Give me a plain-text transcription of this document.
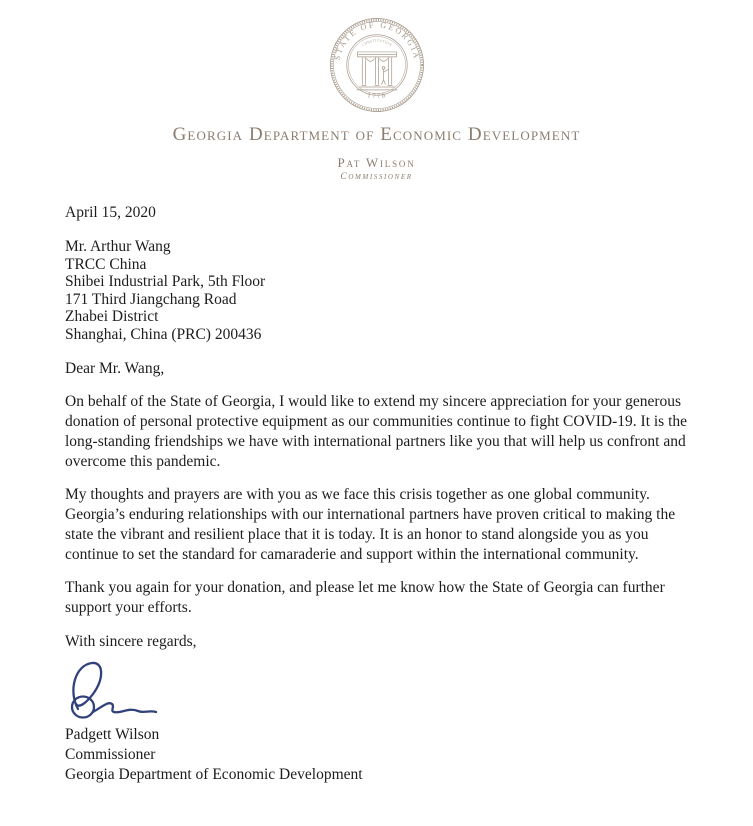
STATE OF GEORGIA
1776
CONSTITUTION
Georgia Department of Economic Development
Pat Wilson
Commissioner
April 15, 2020
Mr. Arthur Wang
TRCC China
Shibei Industrial Park, 5th Floor
171 Third Jiangchang Road
Zhabei District
Shanghai, China (PRC) 200436
Dear Mr. Wang,
On behalf of the State of Georgia, I would like to extend my sincere appreciation for your generous donation of personal protective equipment as our communities continue to fight COVID-19. It is the long-standing friendships we have with international partners like you that will help us confront and overcome this pandemic.
My thoughts and prayers are with you as we face this crisis together as one global community. Georgia’s enduring relationships with our international partners have proven critical to making the state the vibrant and resilient place that it is today. It is an honor to stand alongside you as you continue to set the standard for camaraderie and support within the international community.
Thank you again for your donation, and please let me know how the State of Georgia can further support your efforts.
With sincere regards,
Padgett Wilson
Commissioner
Georgia Department of Economic Development
